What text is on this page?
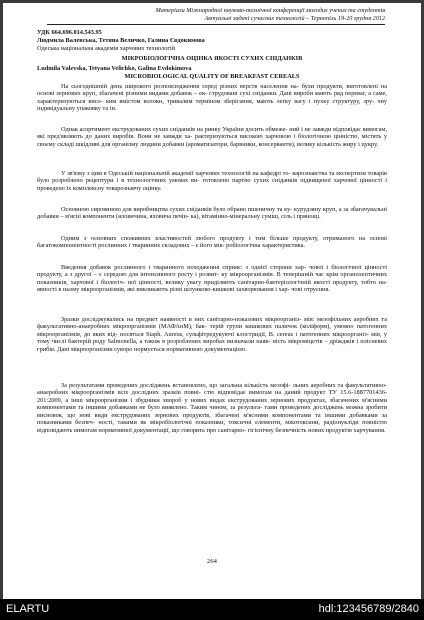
Матеріали Міжнародної науково-технічної конференції молодих учених та студентів
Актуальні задачі сучасних технологій – Тернопіль 19-20 грудня 2012
УДК 664.696.014.543.95
Людмила Валевська, Тетяна Величко, Галина Євдокимова
Одеська національна академія харчових технологій
МІКРОБІОЛОГІЧНА ОЦІНКА ЯКОСТІ СУХИХ СНІДАНКІВ
Ludmila Valevska, Tetyana Velichko, Galina Evdokimova
MICROBIOLOGICAL QUALITY OF BREAKFAST CEREALS
На сьогоднішній день широкого розповсюдження серед різних верств населення на- були продукти, виготовлені на основі зернових круп, збагачені різними видами добавок – ек- струдовані сухі сніданки. Дані вироби мають ряд переваг, а саме, характеризуються висо- ким вмістом волокн, тривалим терміном зберігання, мають легку вагу і пухку структуру, зру- чну індивідуальну упаковку та ін.
Однак асортимент екструдованих сухих сніданків на ринку України досить обмеже- ний і не завжди відповідає вимогам, які пред'являють до даних виробів. Вони не завжди ха- рактеризуються високою харчовою і біологічною цінністю, містять у своєму складі шкідливі для організму людини добавки (ароматизатори, барвники, консерванти), велику кількість жиру і цукру.
У зв'язку з цим в Одеській національній академії харчових технологій на кафедрі то- варознавства та експертизи товарів було розроблено рецептури і в технологічних умовах ви- готовлено партію сухих сніданків підвищеної харчової цінності і проведено їх комплексну товарознавчу оцінку.
Основною сировиною для виробництва сухих сніданків було обрано пшеничну та ку- курудзяну круп, а за збагачувальні добавки – м'ясні компоненти (яловичина, яловича печін- ка), вітамінно-мінеральну суміш, сіль і прянощі.
Одним з основних споживних властивостей любого продукту і тим більше продукту, отриманого на основі багатокомпонентності рослинних і тваринних складових – є його мік- робіологічна характеристика.
Введення добавок рослинного і тваринного походження сприяє: з однієї сторони хар- чової і біологічної цінності продукту, а з другої – є середою для інтенсивного росту і розвит- ку мікроорганізмів. В теперішній час крім органолептичних показників, харчової і біологіч- ної цінності, велику увагу приділяють санітарно-бактеріологічній якості продукту, тобто на- явності в ньому мікроорганізмів, які викликають різні шлунково-кишкові захворювання і хар- чові отруєння.
Зразки досліджувались на предмет наявності в них санітарно-показових мікроорганіз- мів: мезофільних аеробних та факультативно-анаеробних мікроорганізмів (МАФАнМ), бак- терій групи кишкових паличок (коліформ), умовно патогенних мікроорганізмів, до яких від- носяться Staph. Aureus, сульфітредукуючі клостридії, B. cereus і патогенних мікроорганіз- мів, у тому числі бактерій роду Salmonella, а також в розроблених виробах визначали наяв- ність мікроміцетів – дріжджів і плісневих грибів. Дані мікроорганізми суворо нормується нормативною документацією.
За результатами проведених досліджень встановлено, що загальна кількість мезофі- льних аеробних та факультативно-анаеробних мікроорганізмів всіх дослідних зразків повні- стю відповідає вимогам на даний продукт ТУ 15.6-1887701436-201:2009, а інші мікроорганізми і збудники хвороб у нових видах екструдованих зернових продуктах, збагачених м'ясними компонентами та іншими добавками не було виявлено. Таким чином, за результа- тами проведених досліджень можна зробити висновок, що нові види екструдованих зернових продуктів, збагачені м'ясними компонентами та іншими добавками за показниками безпеч- ності, такими як мікробіологічні показники, токсичні елементи, мікотоксини, радіонукліди повністю відповідають вимогам нормативної документації, що говорить про санітарно- гігієнічну безпечність нових продуктів харчування.
264
ELARTU	hdl:123456789/2840
